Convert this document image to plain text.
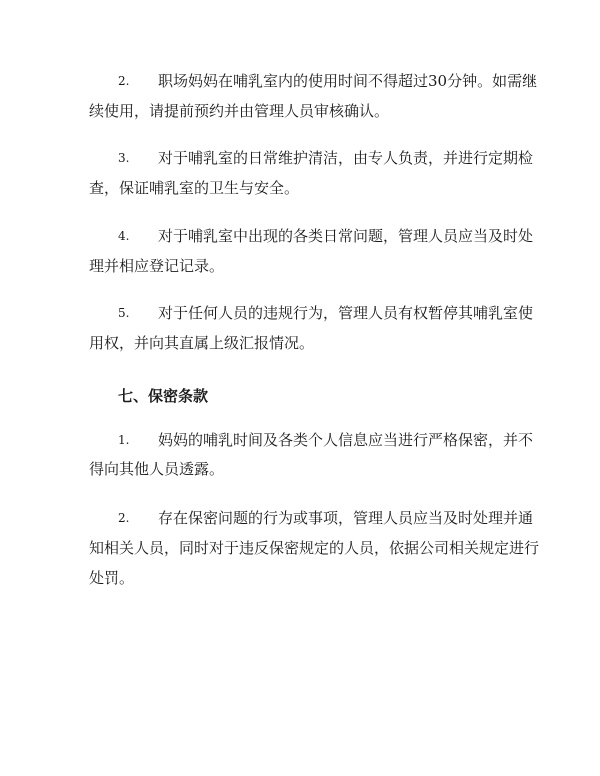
2. 职场妈妈在哺乳室内的使用时间不得超过30分钟。如需继
续使用，请提前预约并由管理人员审核确认。
3. 对于哺乳室的日常维护清洁，由专人负责，并进行定期检
查，保证哺乳室的卫生与安全。
4. 对于哺乳室中出现的各类日常问题，管理人员应当及时处
理并相应登记记录。
5. 对于任何人员的违规行为，管理人员有权暂停其哺乳室使
用权，并向其直属上级汇报情况。
七、保密条款
1. 妈妈的哺乳时间及各类个人信息应当进行严格保密，并不
得向其他人员透露。
2. 存在保密问题的行为或事项，管理人员应当及时处理并通
知相关人员，同时对于违反保密规定的人员，依据公司相关规定进行
处罚。
